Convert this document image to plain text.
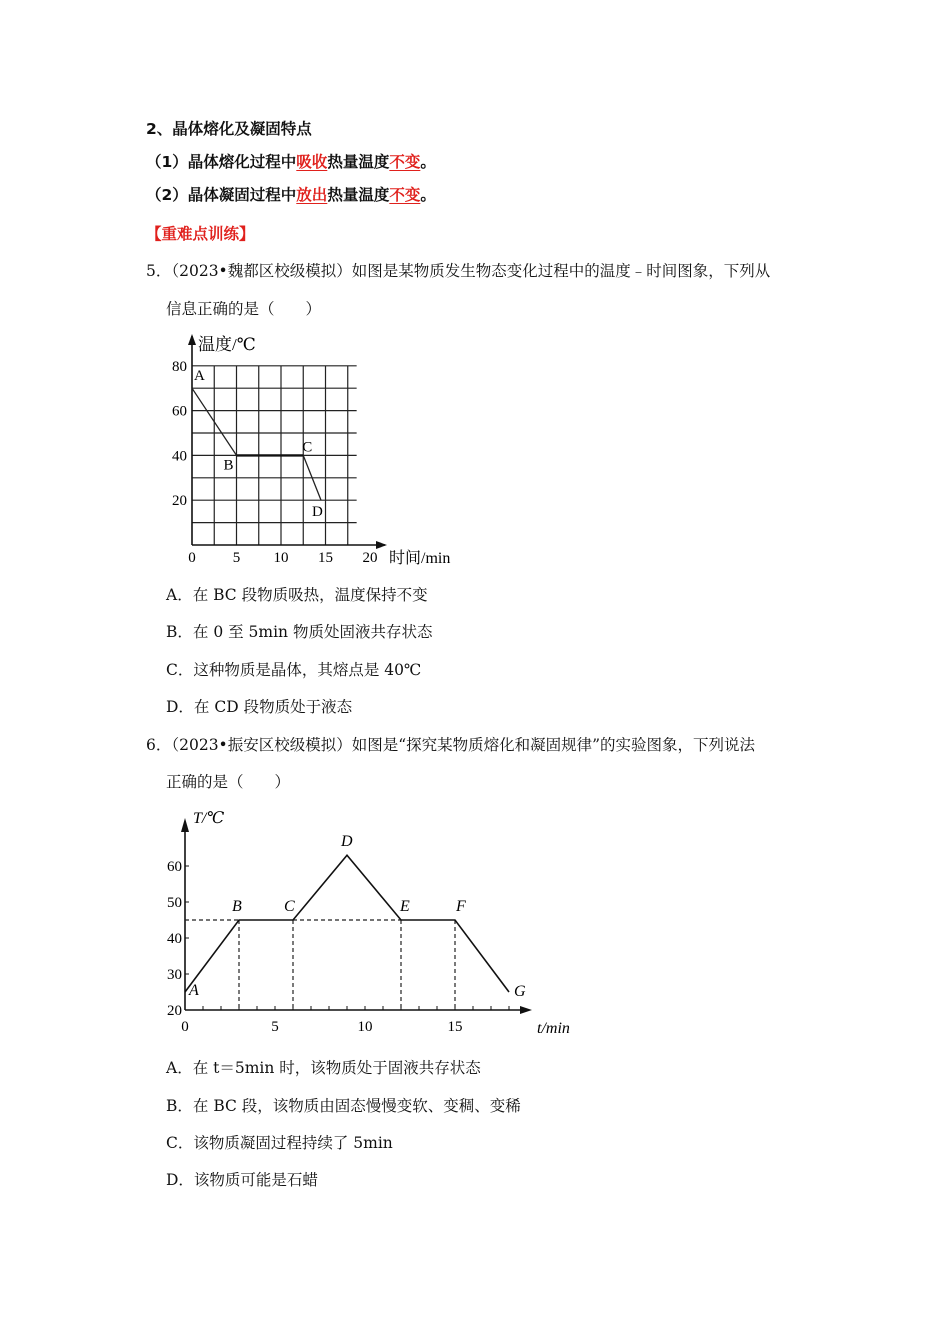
2、晶体熔化及凝固特点
（1）晶体熔化过程中吸收热量温度不变。
（2）晶体凝固过程中放出热量温度不变。
【重难点训练】
5．（2023•魏都区校级模拟）如图是某物质发生物态变化过程中的温度﹣时间图象，下列从
信息正确的是（　　）
0 5 10 15 20
20
40
60
80
温度/℃
时间/min
A
B
C
D
A．在 BC 段物质吸热，温度保持不变
B．在 0 至 5min 物质处固液共存状态
C．这种物质是晶体，其熔点是 40℃
D．在 CD 段物质处于液态
6．（2023•振安区校级模拟）如图是“探究某物质熔化和凝固规律”的实验图象，下列说法
正确的是（　　）
0	5	10	15
20
30
40
50
60
T/℃
t/min
A
B	C
D
E	F
G
A．在 t＝5min 时，该物质处于固液共存状态
B．在 BC 段，该物质由固态慢慢变软、变稠、变稀
C．该物质凝固过程持续了 5min
D．该物质可能是石蜡
